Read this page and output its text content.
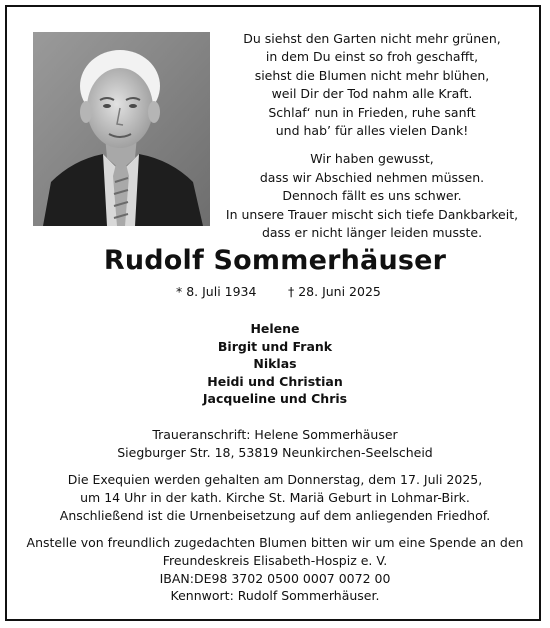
Du siehst den Garten nicht mehr grünen,
in dem Du einst so froh geschafft,
siehst die Blumen nicht mehr blühen,
weil Dir der Tod nahm alle Kraft.
Schlaf‘ nun in Frieden, ruhe sanft
und hab’ für alles vielen Dank!
Wir haben gewusst,
dass wir Abschied nehmen müssen.
Dennoch fällt es uns schwer.
In unsere Trauer mischt sich tiefe Dankbarkeit,
dass er nicht länger leiden musste.
Rudolf Sommerhäuser
* 8. Juli 1934	† 28. Juni 2025
Helene
Birgit und Frank
Niklas
Heidi und Christian
Jacqueline und Chris
Traueranschrift: Helene Sommerhäuser
Siegburger Str. 18, 53819 Neunkirchen-Seelscheid
Die Exequien werden gehalten am Donnerstag, dem 17. Juli 2025,
um 14 Uhr in der kath. Kirche St. Mariä Geburt in Lohmar-Birk.
Anschließend ist die Urnenbeisetzung auf dem anliegenden Friedhof.
Anstelle von freundlich zugedachten Blumen bitten wir um eine Spende an den
Freundeskreis Elisabeth-Hospiz e. V.
IBAN:DE98 3702 0500 0007 0072 00
Kennwort: Rudolf Sommerhäuser.
